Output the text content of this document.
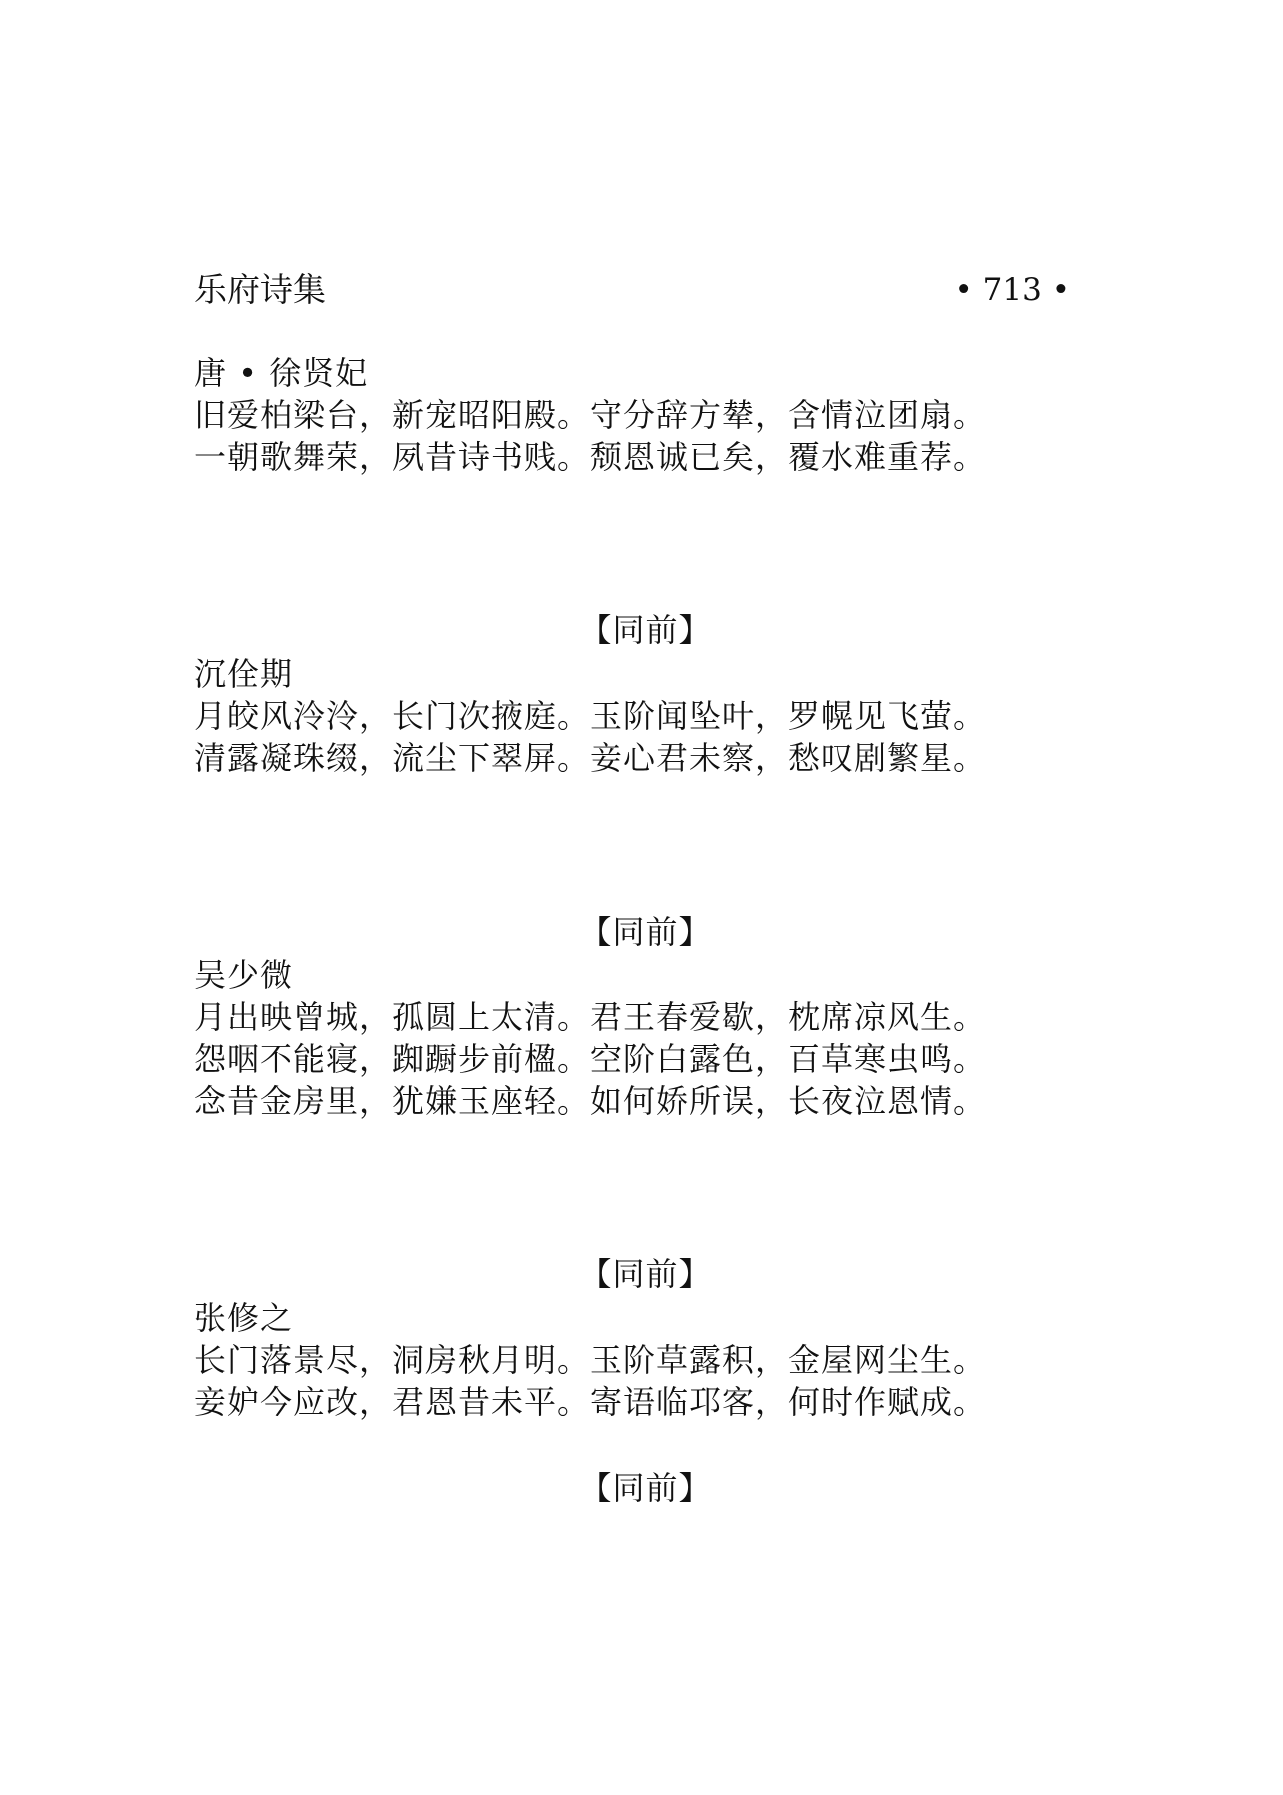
乐府诗集	• 713 •
唐 • 徐贤妃
旧爱柏梁台，新宠昭阳殿。守分辞方辇，含情泣团扇。
一朝歌舞荣，夙昔诗书贱。颓恩诚已矣，覆水难重荐。
【同前】
沉佺期
月皎风泠泠，长门次掖庭。玉阶闻坠叶，罗幌见飞萤。
清露凝珠缀，流尘下翠屏。妾心君未察，愁叹剧繁星。
【同前】
吴少微
月出映曾城，孤圆上太清。君王春爱歇，枕席凉风生。
怨咽不能寝，踟蹰步前楹。空阶白露色，百草寒虫鸣。
念昔金房里，犹嫌玉座轻。如何娇所误，长夜泣恩情。
【同前】
张修之
长门落景尽，洞房秋月明。玉阶草露积，金屋网尘生。
妾妒今应改，君恩昔未平。寄语临邛客，何时作赋成。
【同前】
